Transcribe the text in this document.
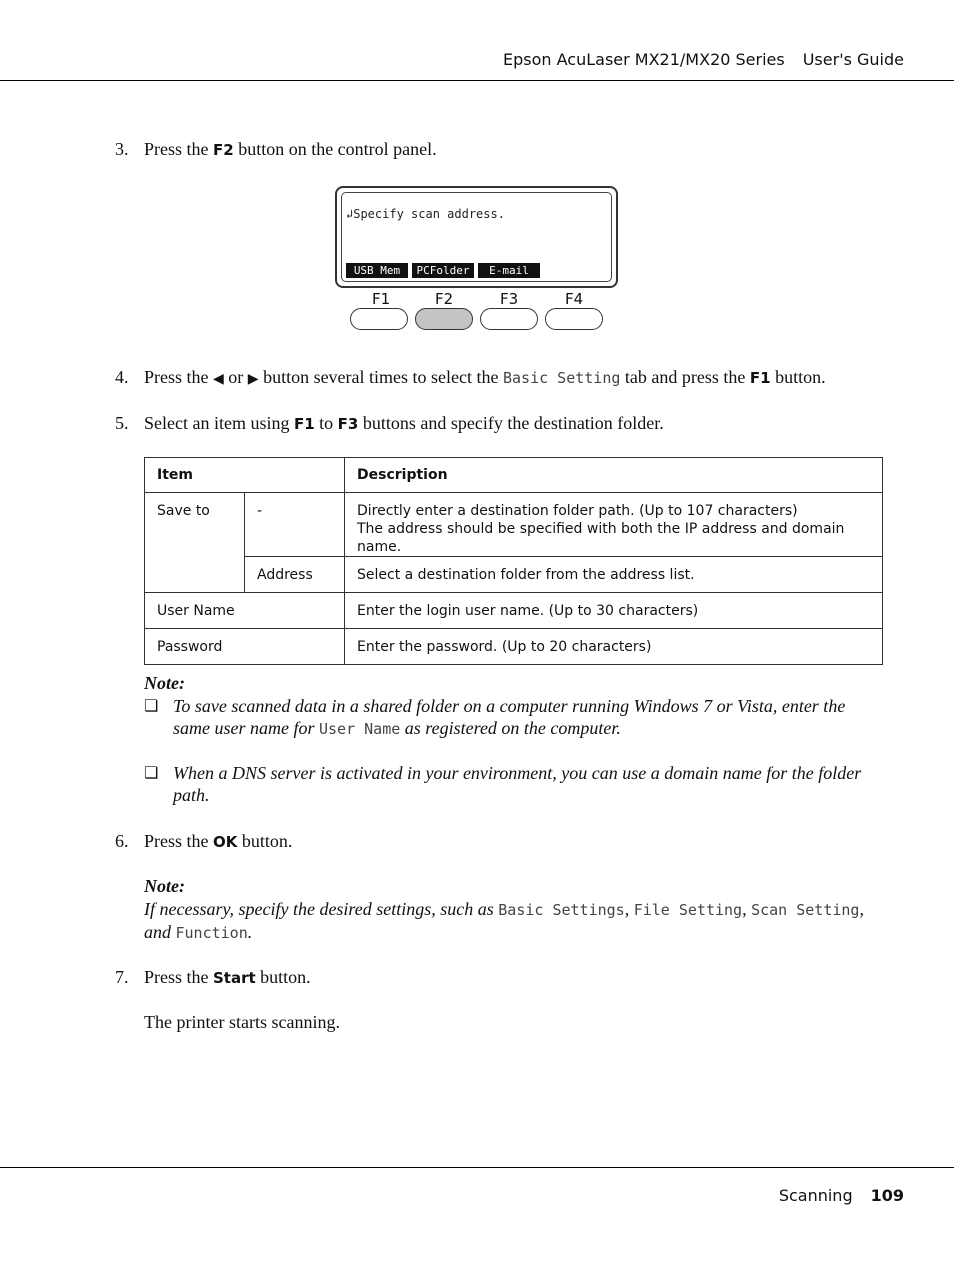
Epson AcuLaser MX21/MX20 Series User's Guide
3. Press the F2 button on the control panel.
↲Specify scan address.
USB Mem	PCFolder	E-mail
F1	F2	F3	F4
4. Press the ◀ or ▶ button several times to select the Basic Setting tab and press the F1 button.
5. Select an item using F1 to F3 buttons and specify the destination folder.
Item		Description
Save to	-	Directly enter a destination folder path. (Up to 107 characters)
The address should be specified with both the IP address and domain name.

	Address	Select a destination folder from the address list.
User Name		Enter the login user name. (Up to 30 characters)
Password		Enter the password. (Up to 20 characters)
Note:
❏ To save scanned data in a shared folder on a computer running Windows 7 or Vista, enter the same user name for User Name as registered on the computer.
❏ When a DNS server is activated in your environment, you can use a domain name for the folder path.
6. Press the OK button.
Note:
If necessary, specify the desired settings, such as Basic Settings, File Setting, Scan Setting, and Function.
7. Press the Start button.
The printer starts scanning.
Scanning 109
